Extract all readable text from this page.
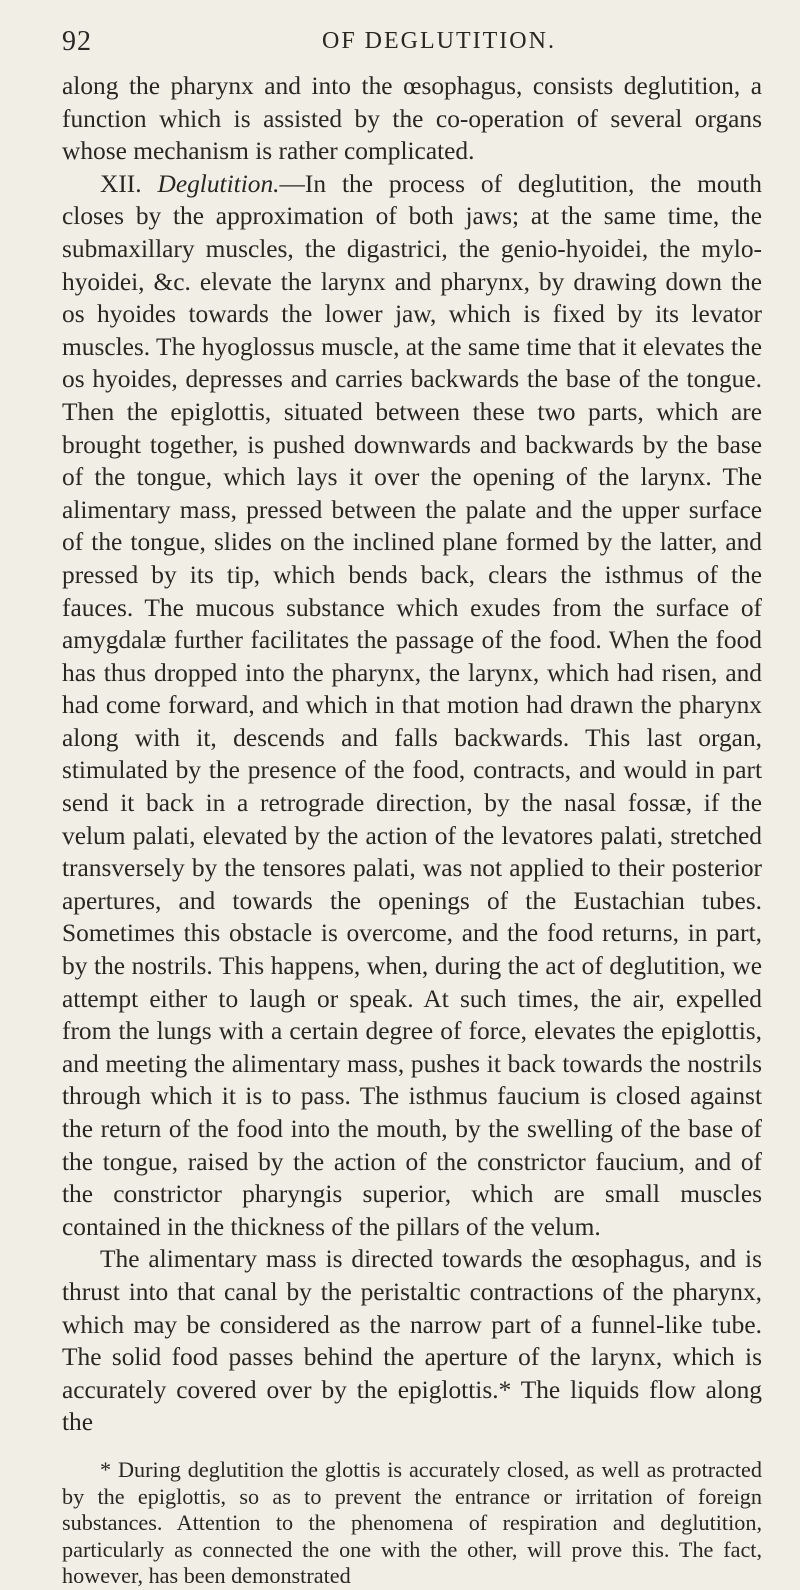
92	OF DEGLUTITION.

along the pharynx and into the œsophagus, consists deglutition, a function which is assisted by the co-operation of several organs whose mechanism is rather complicated.

XII. Deglutition.—In the process of deglutition, the mouth closes by the approximation of both jaws; at the same time, the submaxillary muscles, the digastrici, the genio-hyoidei, the mylo-hyoidei, &c. elevate the larynx and pharynx, by drawing down the os hyoides towards the lower jaw, which is fixed by its levator muscles. The hyoglossus muscle, at the same time that it elevates the os hyoides, depresses and carries backwards the base of the tongue. Then the epiglottis, situated between these two parts, which are brought together, is pushed downwards and backwards by the base of the tongue, which lays it over the opening of the larynx. The alimentary mass, pressed between the palate and the upper surface of the tongue, slides on the inclined plane formed by the latter, and pressed by its tip, which bends back, clears the isthmus of the fauces. The mucous substance which exudes from the surface of amygdalæ further facilitates the passage of the food. When the food has thus dropped into the pharynx, the larynx, which had risen, and had come forward, and which in that motion had drawn the pharynx along with it, descends and falls backwards. This last organ, stimulated by the presence of the food, contracts, and would in part send it back in a retrograde direction, by the nasal fossæ, if the velum palati, elevated by the action of the levatores palati, stretched transversely by the tensores palati, was not applied to their posterior apertures, and towards the openings of the Eustachian tubes. Sometimes this obstacle is overcome, and the food returns, in part, by the nostrils. This happens, when, during the act of deglutition, we attempt either to laugh or speak. At such times, the air, expelled from the lungs with a certain degree of force, elevates the epiglottis, and meeting the alimentary mass, pushes it back towards the nostrils through which it is to pass. The isthmus faucium is closed against the return of the food into the mouth, by the swelling of the base of the tongue, raised by the action of the constrictor faucium, and of the constrictor pharyngis superior, which are small muscles contained in the thickness of the pillars of the velum.

The alimentary mass is directed towards the œsophagus, and is thrust into that canal by the peristaltic contractions of the pharynx, which may be considered as the narrow part of a funnel-like tube. The solid food passes behind the aperture of the larynx, which is accurately covered over by the epiglottis.* The liquids flow along the

* During deglutition the glottis is accurately closed, as well as protracted by the epiglottis, so as to prevent the entrance or irritation of foreign substances. Attention to the phenomena of respiration and deglutition, particularly as connected the one with the other, will prove this. The fact, however, has been demonstrated
